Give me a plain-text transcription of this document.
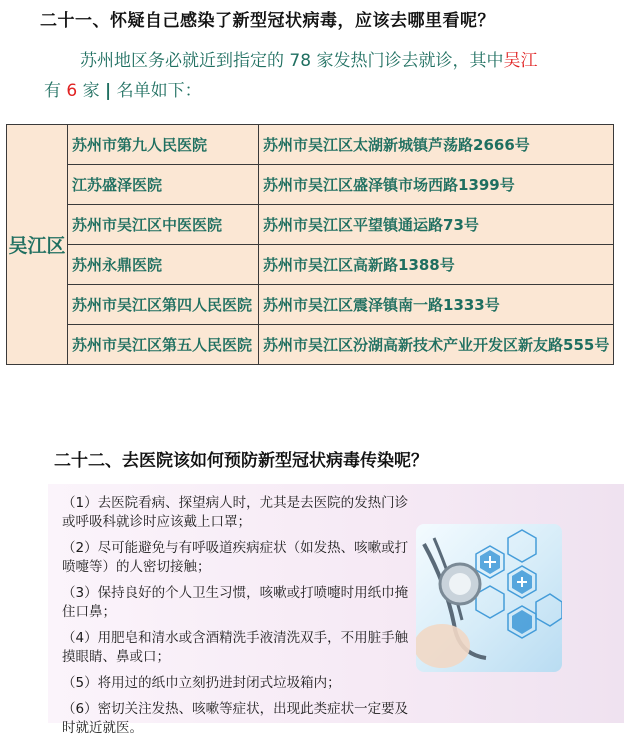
二十一、怀疑自己感染了新型冠状病毒，应该去哪里看呢？
苏州地区务必就近到指定的 78 家发热门诊去就诊，其中吴江
有 6 家 | 名单如下：
吴江区	苏州市第九人民医院	苏州市吴江区太湖新城镇芦荡路2666号
	江苏盛泽医院	苏州市吴江区盛泽镇市场西路1399号
	苏州市吴江区中医医院	苏州市吴江区平望镇通运路73号
	苏州永鼎医院	苏州市吴江区高新路1388号
	苏州市吴江区第四人民医院	苏州市吴江区震泽镇南一路1333号
	苏州市吴江区第五人民医院	苏州市吴江区汾湖高新技术产业开发区新友路555号
二十二、去医院该如何预防新型冠状病毒传染呢？

（1）去医院看病、探望病人时，尤其是去医院的发热门诊或呼吸科就诊时应该戴上口罩；

（2）尽可能避免与有呼吸道疾病症状（如发热、咳嗽或打喷嚏等）的人密切接触；

（3）保持良好的个人卫生习惯，咳嗽或打喷嚏时用纸巾掩住口鼻；

（4）用肥皂和清水或含酒精洗手液清洗双手，不用脏手触摸眼睛、鼻或口；

（5）将用过的纸巾立刻扔进封闭式垃圾箱内；

（6）密切关注发热、咳嗽等症状，出现此类症状一定要及时就近就医。
